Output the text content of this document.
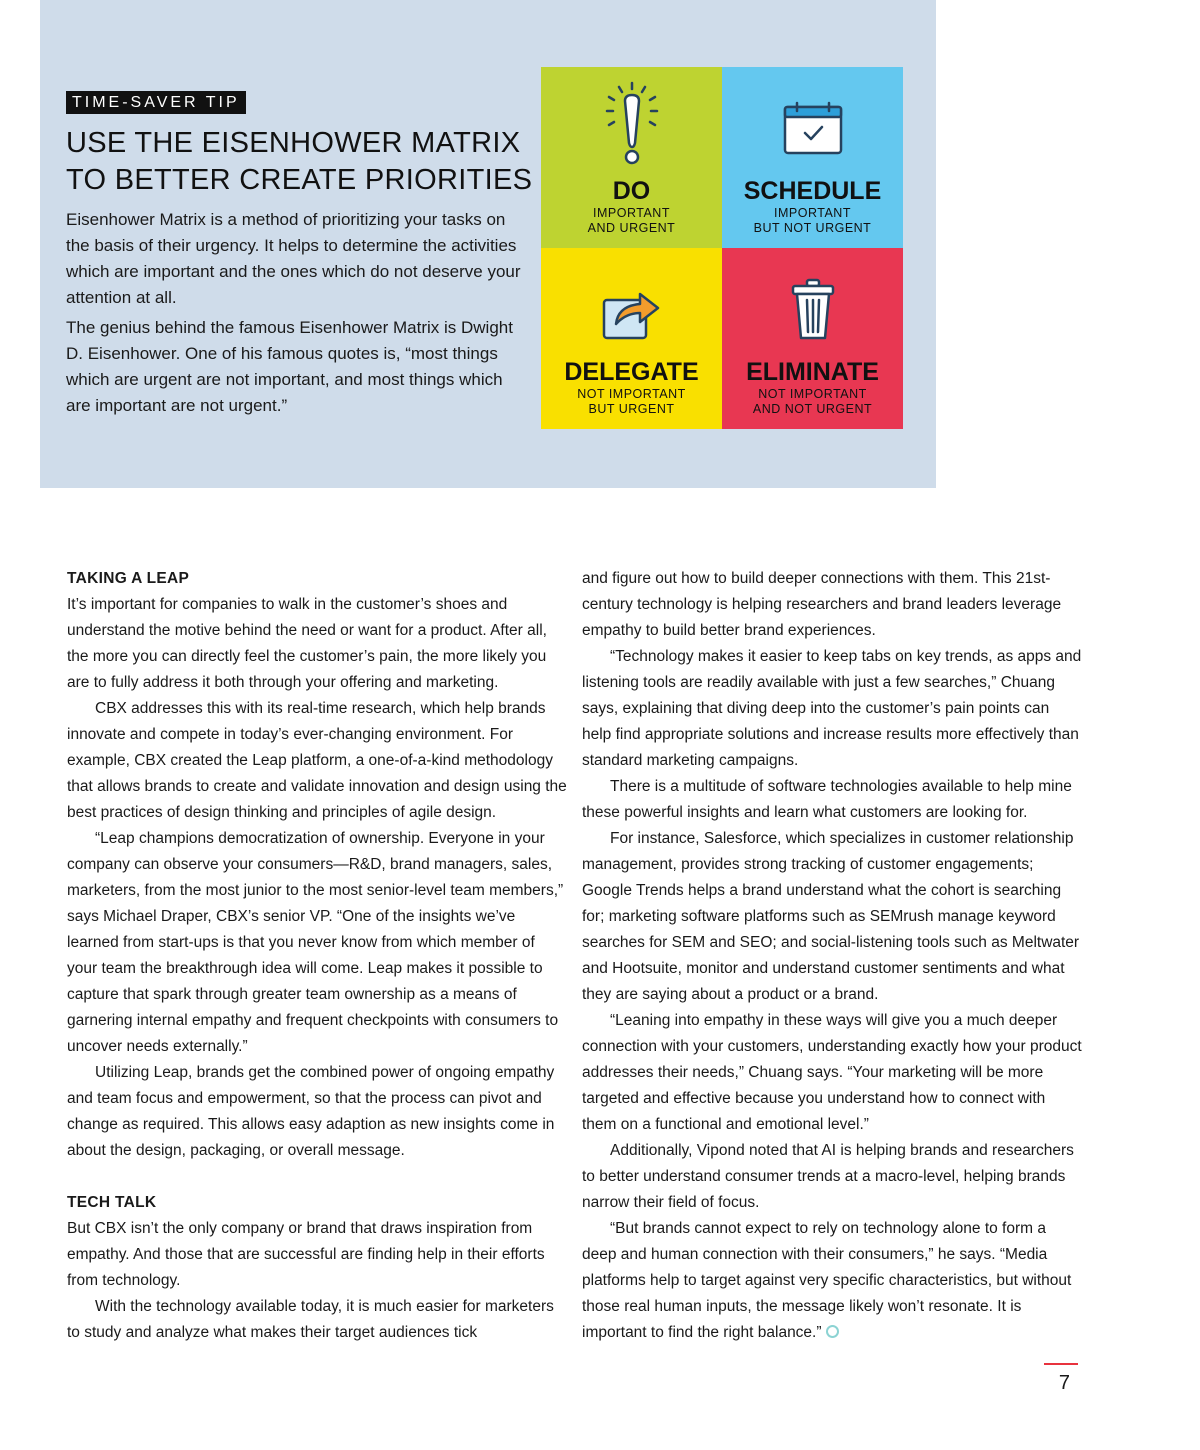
TIME-SAVER TIP
USE THE EISENHOWER MATRIX TO BETTER CREATE PRIORITIES

Eisenhower Matrix is a method of prioritizing your tasks on the basis of their urgency. It helps to determine the activities which are important and the ones which do not deserve your attention at all.

The genius behind the famous Eisenhower Matrix is Dwight D. Eisenhower. One of his famous quotes is, “most things which are urgent are not important, and most things which are important are not urgent.”

DO
IMPORTANT
AND URGENT
SCHEDULE
IMPORTANT
BUT NOT URGENT
DELEGATE
NOT IMPORTANT
BUT URGENT
ELIMINATE
NOT IMPORTANT
AND NOT URGENT
TAKING A LEAP

It’s important for companies to walk in the customer’s shoes and understand the motive behind the need or want for a product. After all, the more you can directly feel the customer’s pain, the more likely you are to fully address it both through your offering and marketing.

CBX addresses this with its real-time research, which help brands innovate and compete in today’s ever-changing environment. For example, CBX created the Leap platform, a one-of-a-kind methodology that allows brands to create and validate innovation and design using the best practices of design thinking and principles of agile design.

“Leap champions democratization of ownership. Everyone in your company can observe your consumers—R&D, brand managers, sales, marketers, from the most junior to the most senior-level team members,” says Michael Draper, CBX’s senior VP. “One of the insights we’ve learned from start-ups is that you never know from which member of your team the breakthrough idea will come. Leap makes it possible to capture that spark through greater team ownership as a means of garnering internal empathy and frequent checkpoints with consumers to uncover needs externally.”

Utilizing Leap, brands get the combined power of ongoing empathy and team focus and empowerment, so that the process can pivot and change as required. This allows easy adaption as new insights come in about the design, packaging, or overall message.

TECH TALK

But CBX isn’t the only company or brand that draws inspiration from empathy. And those that are successful are finding help in their efforts from technology.

With the technology available today, it is much easier for marketers to study and analyze what makes their target audiences tick

and figure out how to build deeper connections with them. This 21st-century technology is helping researchers and brand leaders leverage empathy to build better brand experiences.

“Technology makes it easier to keep tabs on key trends, as apps and listening tools are readily available with just a few searches,” Chuang says, explaining that diving deep into the customer’s pain points can help find appropriate solutions and increase results more effectively than standard marketing campaigns.

There is a multitude of software technologies available to help mine these powerful insights and learn what customers are looking for.

For instance, Salesforce, which specializes in customer relationship management, provides strong tracking of customer engagements; Google Trends helps a brand understand what the cohort is searching for; marketing software platforms such as SEMrush manage keyword searches for SEM and SEO; and social-listening tools such as Meltwater and Hootsuite, monitor and understand customer sentiments and what they are saying about a product or a brand.

“Leaning into empathy in these ways will give you a much deeper connection with your customers, understanding exactly how your product addresses their needs,” Chuang says. “Your marketing will be more targeted and effective because you understand how to connect with them on a functional and emotional level.”

Additionally, Vipond noted that AI is helping brands and researchers to better understand consumer trends at a macro-level, helping brands narrow their field of focus.

“But brands cannot expect to rely on technology alone to form a deep and human connection with their consumers,” he says. “Media platforms help to target against very specific characteristics, but without those real human inputs, the message likely won’t resonate. It is important to find the right balance.”

7
